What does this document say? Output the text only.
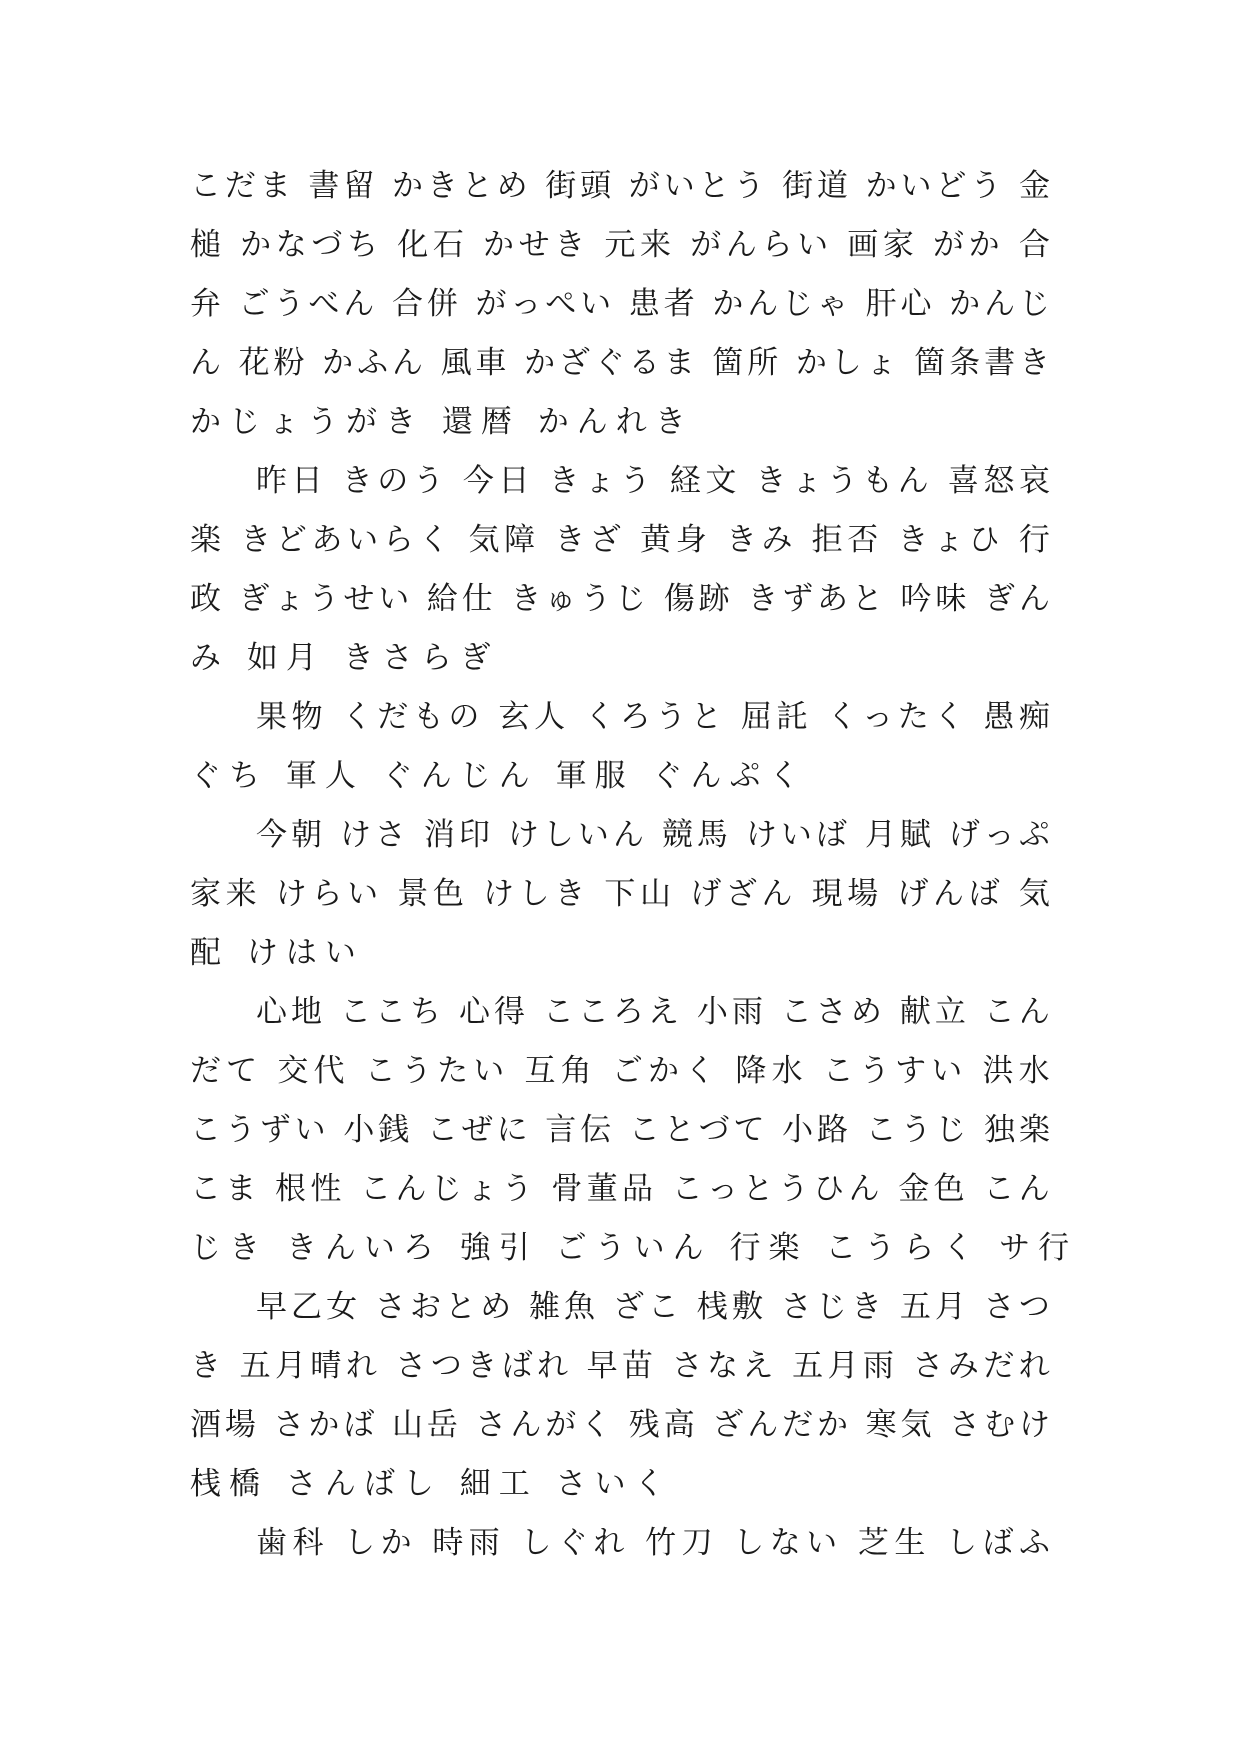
こ だ ま 書 留 か き と め 街 頭 が い と う 街 道 か い ど う 金
槌 か な づ ち 化 石 か せ き 元 来 が ん ら い 画 家 が か 合
弁 ご う べ ん 合 併 が っ ぺ い 患 者 か ん じ ゃ 肝 心 か ん じ
ん 花 粉 か ふ ん 風 車 か ざ ぐ る ま 箇 所 か し ょ 箇 条 書 き
か じ ょ う が き 還 暦 か ん れ き
昨 日 き の う 今 日 き ょ う 経 文 き ょ う も ん 喜 怒 哀
楽 き ど あ い ら く 気 障 き ざ 黄 身 き み 拒 否 き ょ ひ 行
政 ぎ ょ う せ い 給 仕 き ゅ う じ 傷 跡 き ず あ と 吟 味 ぎ ん
み 如 月 き さ ら ぎ
果 物 く だ も の 玄 人 く ろ う と 屈 託 く っ た く 愚 痴
ぐ ち 軍 人 ぐ ん じ ん 軍 服 ぐ ん ぷ く
今 朝 け さ 消 印 け し い ん 競 馬 け い ば 月 賦 げ っ ぷ
家 来 け ら い 景 色 け し き 下 山 げ ざ ん 現 場 げ ん ば 気
配 け は い
心 地 こ こ ち 心 得 こ こ ろ え 小 雨 こ さ め 献 立 こ ん
だ て 交 代 こ う た い 互 角 ご か く 降 水 こ う す い 洪 水
こ う ず い 小 銭 こ ぜ に 言 伝 こ と づ て 小 路 こ う じ 独 楽
こ ま 根 性 こ ん じ ょ う 骨 董 品 こ っ と う ひ ん 金 色 こ ん
じ き き ん い ろ 強 引 ご う い ん 行 楽 こ う ら く サ 行
早 乙 女 さ お と め 雑 魚 ざ こ 桟 敷 さ じ き 五 月 さ つ
き 五 月 晴 れ さ つ き ば れ 早 苗 さ な え 五 月 雨 さ み だ れ
酒 場 さ か ば 山 岳 さ ん が く 残 高 ざ ん だ か 寒 気 さ む け
桟 橋 さ ん ば し 細 工 さ い く
歯 科 し か 時 雨 し ぐ れ 竹 刀 し な い 芝 生 し ば ふ
